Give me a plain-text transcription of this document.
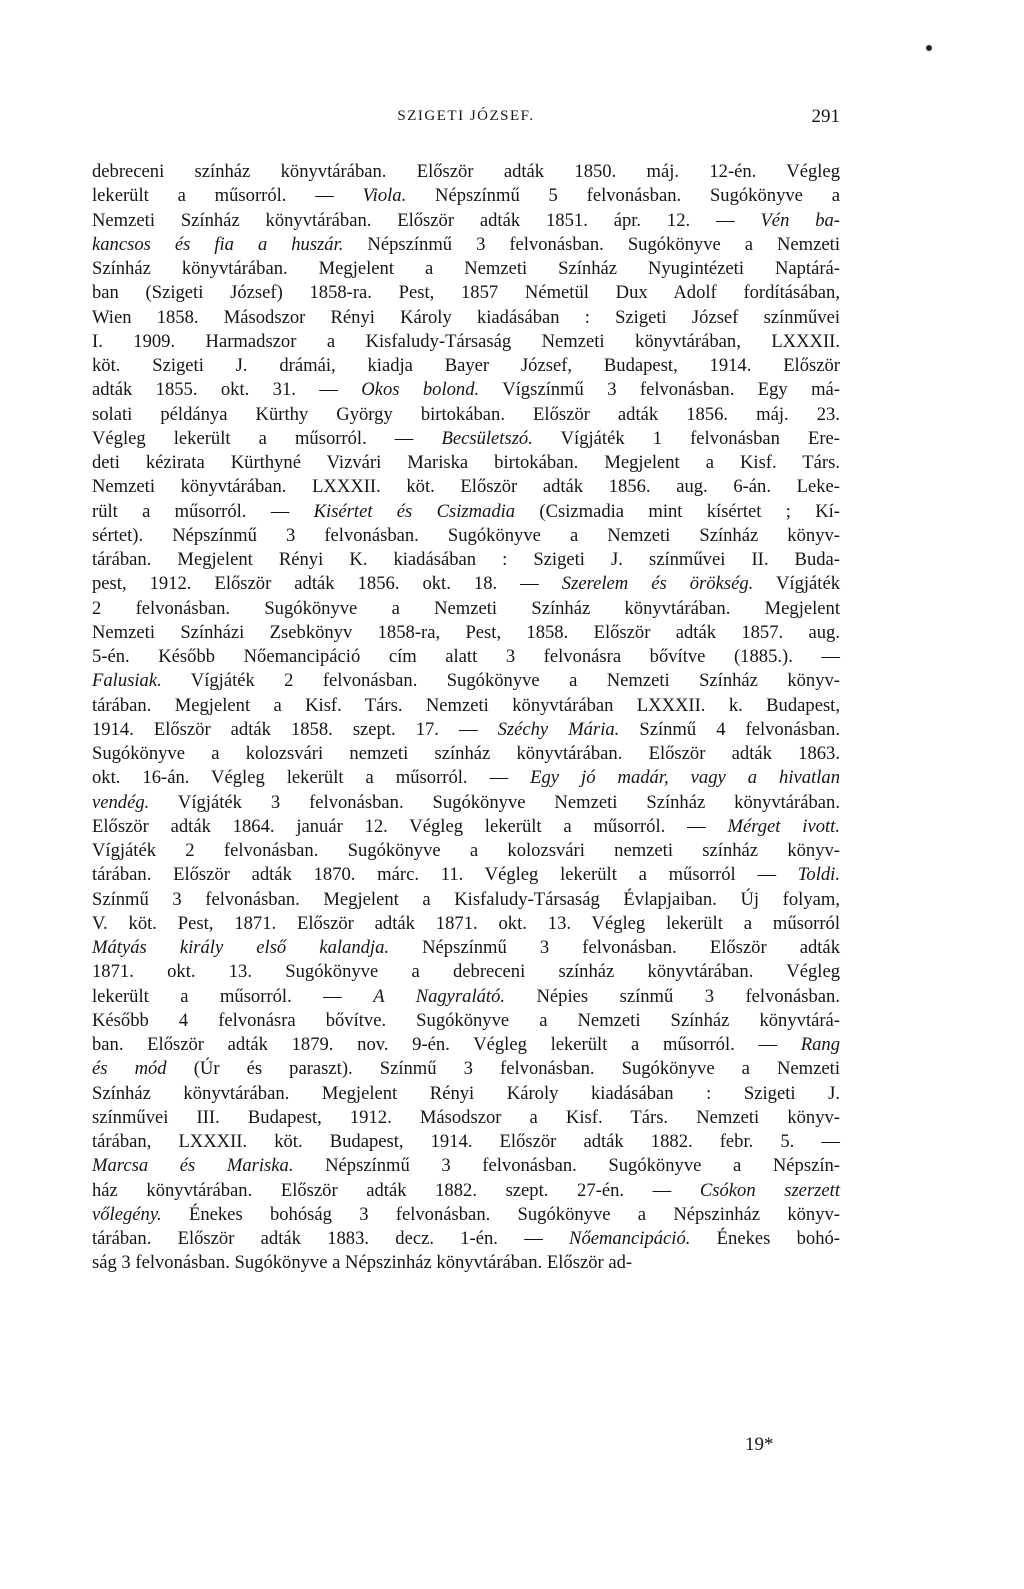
SZIGETI JÓZSEF.	291
debreceni színház könyvtárában. Először adták 1850. máj. 12-én. Végleg
lekerült a műsorról. — Viola. Népszínmű 5 felvonásban. Sugókönyve a
Nemzeti Színház könyvtárában. Először adták 1851. ápr. 12. — Vén ba-
kancsos és fia a huszár. Népszínmű 3 felvonásban. Sugókönyve a Nemzeti
Színház könyvtárában. Megjelent a Nemzeti Színház Nyugintézeti Naptárá-
ban (Szigeti József) 1858-ra. Pest, 1857 Németül Dux Adolf fordításában,
Wien 1858. Másodszor Rényi Károly kiadásában : Szigeti József színművei
I. 1909. Harmadszor a Kisfaludy-Társaság Nemzeti könyvtárában, LXXXII.
köt. Szigeti J. drámái, kiadja Bayer József, Budapest, 1914. Először
adták 1855. okt. 31. — Okos bolond. Vígszínmű 3 felvonásban. Egy má-
solati példánya Kürthy György birtokában. Először adták 1856. máj. 23.
Végleg lekerült a műsorról. — Becsületszó. Vígjáték 1 felvonásban Ere-
deti kézirata Kürthyné Vizvári Mariska birtokában. Megjelent a Kisf. Társ.
Nemzeti könyvtárában. LXXXII. köt. Először adták 1856. aug. 6-án. Leke-
rült a műsorról. — Kisértet és Csizmadia (Csizmadia mint kísértet ; Kí-
sértet). Népszínmű 3 felvonásban. Sugókönyve a Nemzeti Színház könyv-
tárában. Megjelent Rényi K. kiadásában : Szigeti J. színművei II. Buda-
pest, 1912. Először adták 1856. okt. 18. — Szerelem és örökség. Vígjáték
2 felvonásban. Sugókönyve a Nemzeti Színház könyvtárában. Megjelent
Nemzeti Színházi Zsebkönyv 1858-ra, Pest, 1858. Először adták 1857. aug.
5-én. Később Nőemancipáció cím alatt 3 felvonásra bővítve (1885.). —
Falusiak. Vígjáték 2 felvonásban. Sugókönyve a Nemzeti Színház könyv-
tárában. Megjelent a Kisf. Társ. Nemzeti könyvtárában LXXXII. k. Budapest,
1914. Először adták 1858. szept. 17. — Széchy Mária. Színmű 4 felvonásban.
Sugókönyve a kolozsvári nemzeti színház könyvtárában. Először adták 1863.
okt. 16-án. Végleg lekerült a műsorról. — Egy jó madár, vagy a hivatlan
vendég. Vígjáték 3 felvonásban. Sugókönyve Nemzeti Színház könyvtárában.
Először adták 1864. január 12. Végleg lekerült a műsorról. — Mérget ivott.
Vígjáték 2 felvonásban. Sugókönyve a kolozsvári nemzeti színház könyv-
tárában. Először adták 1870. márc. 11. Végleg lekerült a műsorról — Toldi.
Színmű 3 felvonásban. Megjelent a Kisfaludy-Társaság Évlapjaiban. Új folyam,
V. köt. Pest, 1871. Először adták 1871. okt. 13. Végleg lekerült a műsorról
Mátyás király első kalandja. Népszínmű 3 felvonásban. Először adták
1871. okt. 13. Sugókönyve a debreceni színház könyvtárában. Végleg
lekerült a műsorról. — A Nagyralátó. Népies színmű 3 felvonásban.
Később 4 felvonásra bővítve. Sugókönyve a Nemzeti Színház könyvtárá-
ban. Először adták 1879. nov. 9-én. Végleg lekerült a műsorról. — Rang
és mód (Úr és paraszt). Színmű 3 felvonásban. Sugókönyve a Nemzeti
Színház könyvtárában. Megjelent Rényi Károly kiadásában : Szigeti J.
színművei III. Budapest, 1912. Másodszor a Kisf. Társ. Nemzeti könyv-
tárában, LXXXII. köt. Budapest, 1914. Először adták 1882. febr. 5. —
Marcsa és Mariska. Népszínmű 3 felvonásban. Sugókönyve a Népszín-
ház könyvtárában. Először adták 1882. szept. 27-én. — Csókon szerzett
vőlegény. Énekes bohóság 3 felvonásban. Sugókönyve a Népszinház könyv-
tárában. Először adták 1883. decz. 1-én. — Nőemancipáció. Énekes bohó-
ság 3 felvonásban. Sugókönyve a Népszinház könyvtárában. Először ad-
19*
